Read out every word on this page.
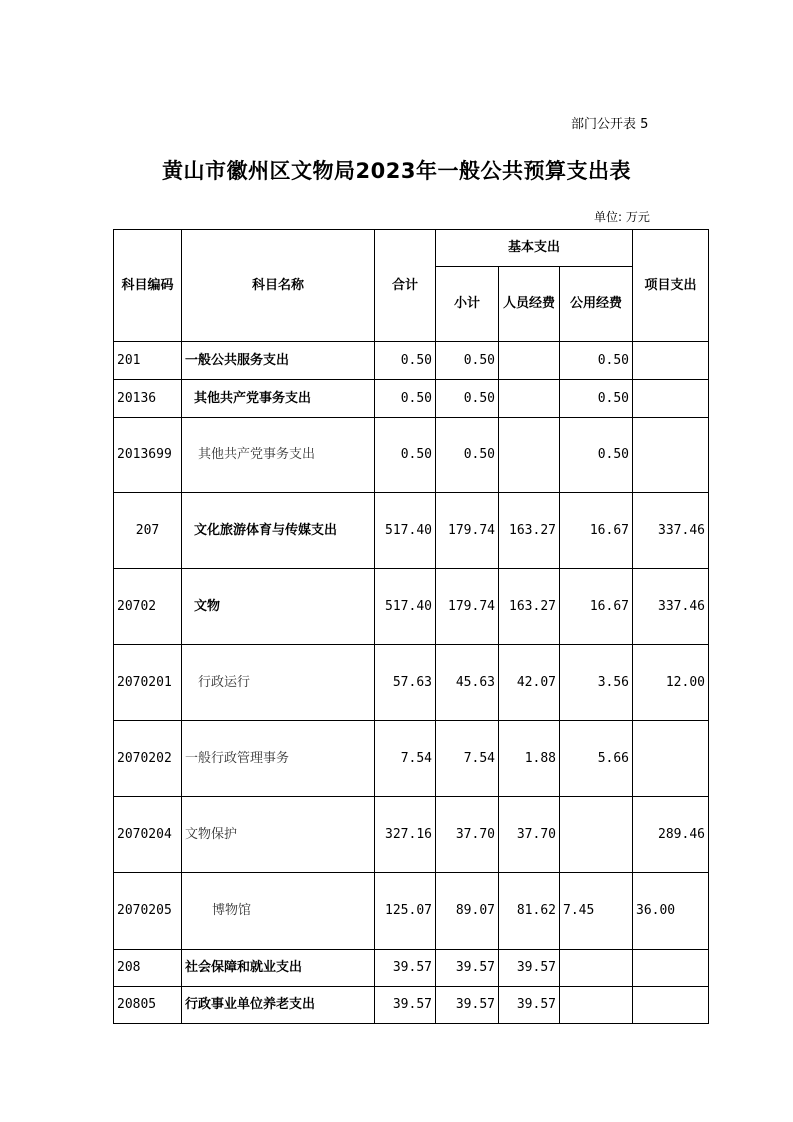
部门公开表 5
黄山市徽州区文物局2023年一般公共预算支出表
单位: 万元
科目编码	科目名称	合计	基本支出			项目支出
			小计	人员经费	公用经费	
201	一般公共服务支出	0.50	0.50		0.50	
20136	其他共产党事务支出	0.50	0.50		0.50	
2013699	其他共产党事务支出	0.50	0.50		0.50	
207	文化旅游体育与传媒支出	517.40	179.74	163.27	16.67	337.46
20702	文物	517.40	179.74	163.27	16.67	337.46
2070201	行政运行	57.63	45.63	42.07	3.56	12.00
2070202	一般行政管理事务	7.54	7.54	1.88	5.66	
2070204	文物保护	327.16	37.70	37.70		289.46
2070205	博物馆	125.07	89.07	81.62	7.45	36.00
208	社会保障和就业支出	39.57	39.57	39.57		
20805	行政事业单位养老支出	39.57	39.57	39.57		
